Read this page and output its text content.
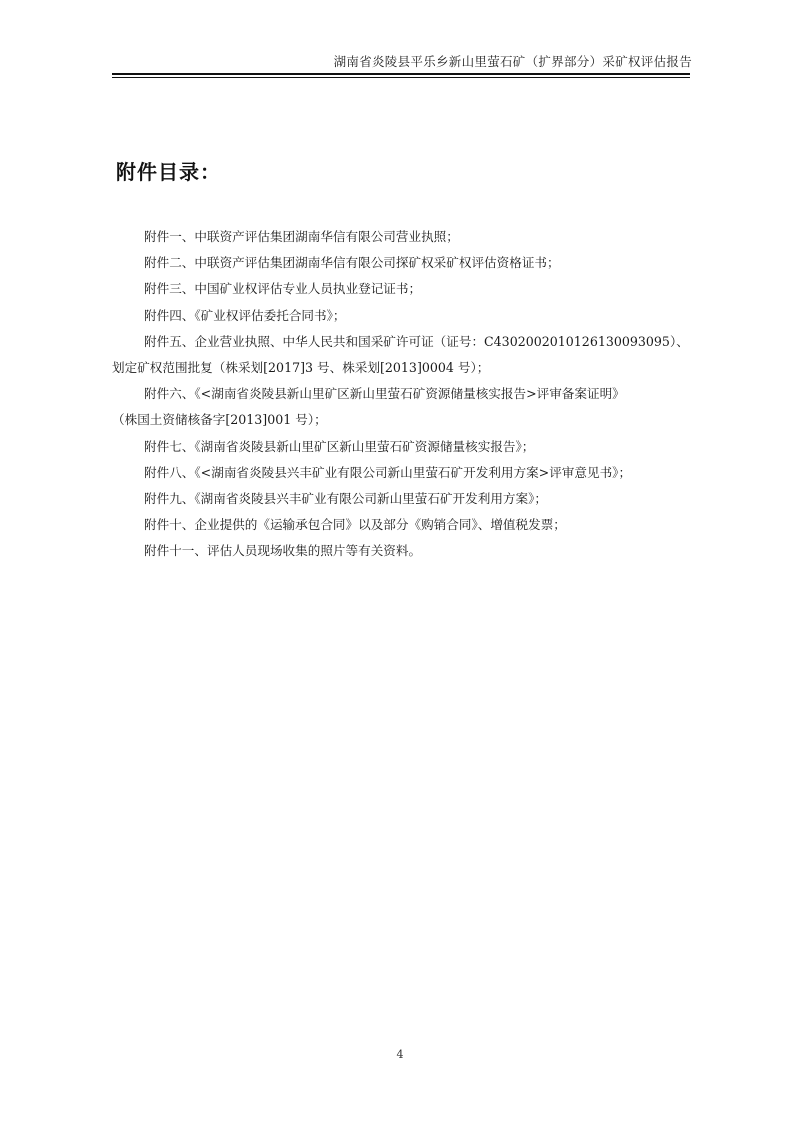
湖南省炎陵县平乐乡新山里萤石矿（扩界部分）采矿权评估报告
附件目录：
附件一、中联资产评估集团湖南华信有限公司营业执照；
附件二、中联资产评估集团湖南华信有限公司探矿权采矿权评估资格证书；
附件三、中国矿业权评估专业人员执业登记证书；
附件四、《矿业权评估委托合同书》；
附件五、企业营业执照、中华人民共和国采矿许可证（证号：C4302002010126130093095）、
划定矿权范围批复（株采划[2017]3 号、株采划[2013]0004 号）；
附件六、《<湖南省炎陵县新山里矿区新山里萤石矿资源储量核实报告>评审备案证明》
（株国土资储核备字[2013]001 号）；
附件七、《湖南省炎陵县新山里矿区新山里萤石矿资源储量核实报告》；
附件八、《<湖南省炎陵县兴丰矿业有限公司新山里萤石矿开发利用方案>评审意见书》；
附件九、《湖南省炎陵县兴丰矿业有限公司新山里萤石矿开发利用方案》；
附件十、企业提供的《运输承包合同》以及部分《购销合同》、增值税发票；
附件十一、评估人员现场收集的照片等有关资料。
4
